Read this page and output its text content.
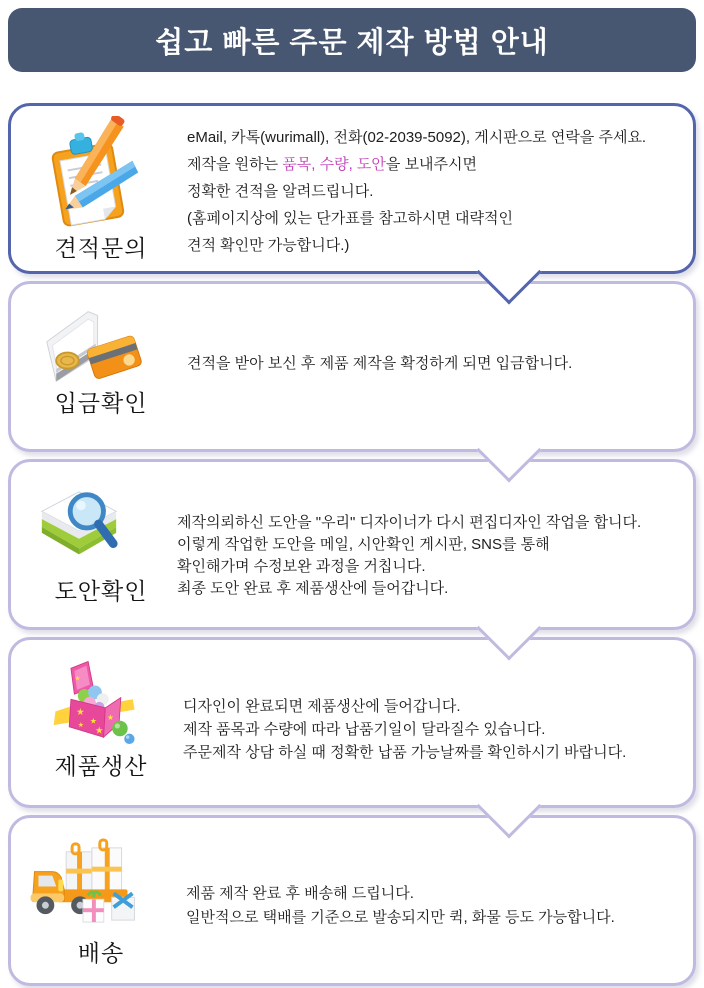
쉽고 빠른 주문 제작 방법 안내
견적문의
eMail, 카톡(wurimall), 전화(02-2039-5092), 게시판으로 연락을 주세요.
제작을 원하는 품목, 수량, 도안을 보내주시면
정확한 견적을 알려드립니다.
(홈페이지상에 있는 단가표를 참고하시면 대략적인
견적 확인만 가능합니다.)
입금확인
견적을 받아 보신 후 제품 제작을 확정하게 되면 입금합니다.
도안확인
제작의뢰하신 도안을 "우리" 디자이너가 다시 편집디자인 작업을 합니다.
이렇게 작업한 도안을 메일, 시안확인 게시판, SNS를 통해
확인해가며 수정보완 과정을 거칩니다.
최종 도안 완료 후 제품생산에 들어갑니다.
★
★
★
★
★
★
제품생산
디자인이 완료되면 제품생산에 들어갑니다.
제작 품목과 수량에 따라 납품기일이 달라질수 있습니다.
주문제작 상담 하실 때 정확한 납품 가능날짜를 확인하시기 바랍니다.
배송
제품 제작 완료 후 배송해 드립니다.
일반적으로 택배를 기준으로 발송되지만 퀵, 화물 등도 가능합니다.
